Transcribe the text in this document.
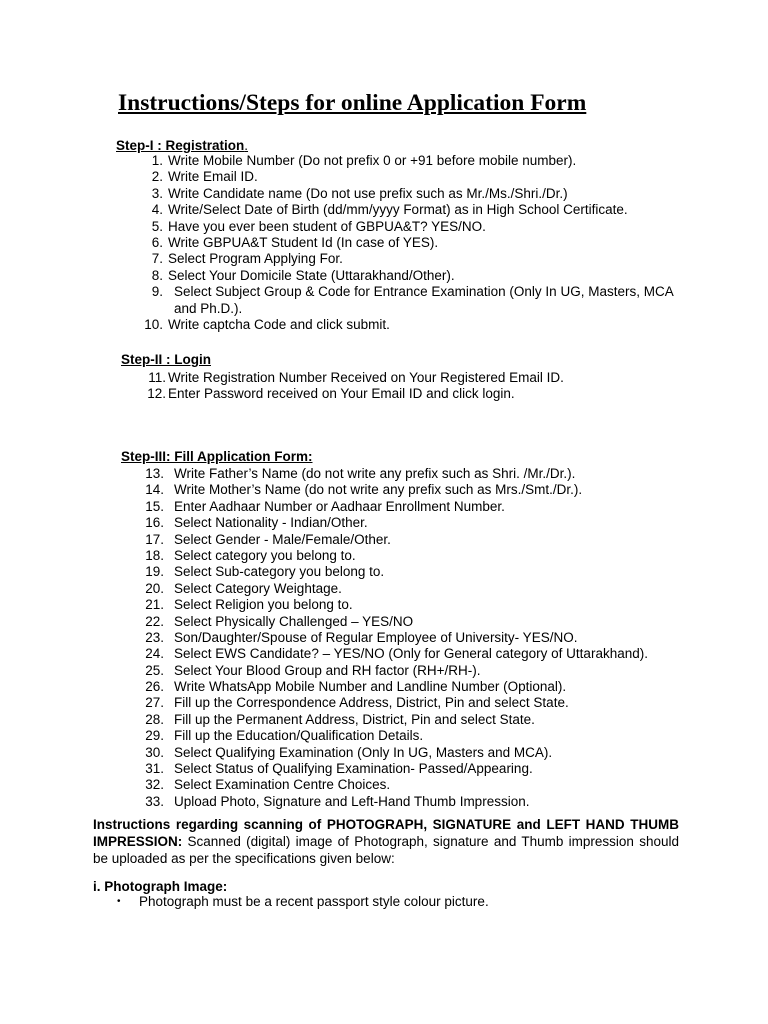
Instructions/Steps for online Application Form
Step-I : Registration.
1. Write Mobile Number (Do not prefix 0 or +91 before mobile number).
2. Write Email ID.
3. Write Candidate name (Do not use prefix such as Mr./Ms./Shri./Dr.)
4. Write/Select Date of Birth (dd/mm/yyyy Format) as in High School Certificate.
5. Have you ever been student of GBPUA&T? YES/NO.
6. Write GBPUA&T Student Id (In case of YES).
7. Select Program Applying For.
8. Select Your Domicile State (Uttarakhand/Other).
9. Select Subject Group & Code for Entrance Examination (Only In UG, Masters, MCA and Ph.D.).
10. Write captcha Code and click submit.
Step-II : Login
11. Write Registration Number Received on Your Registered Email ID.
12. Enter Password received on Your Email ID and click login.
Step-III: Fill Application Form:
13. Write Father’s Name (do not write any prefix such as Shri. /Mr./Dr.).
14. Write Mother’s Name (do not write any prefix such as Mrs./Smt./Dr.).
15. Enter Aadhaar Number or Aadhaar Enrollment Number.
16. Select Nationality - Indian/Other.
17. Select Gender - Male/Female/Other.
18. Select category you belong to.
19. Select Sub-category you belong to.
20. Select Category Weightage.
21. Select Religion you belong to.
22. Select Physically Challenged – YES/NO
23. Son/Daughter/Spouse of Regular Employee of University- YES/NO.
24. Select EWS Candidate? – YES/NO (Only for General category of Uttarakhand).
25. Select Your Blood Group and RH factor (RH+/RH-).
26. Write WhatsApp Mobile Number and Landline Number (Optional).
27. Fill up the Correspondence Address, District, Pin and select State.
28. Fill up the Permanent Address, District, Pin and select State.
29. Fill up the Education/Qualification Details.
30. Select Qualifying Examination (Only In UG, Masters and MCA).
31. Select Status of Qualifying Examination- Passed/Appearing.
32. Select Examination Centre Choices.
33. Upload Photo, Signature and Left-Hand Thumb Impression.
Instructions regarding scanning of PHOTOGRAPH, SIGNATURE and LEFT HAND THUMB IMPRESSION: Scanned (digital) image of Photograph, signature and Thumb impression should be uploaded as per the specifications given below:
i. Photograph Image:
• Photograph must be a recent passport style colour picture.
